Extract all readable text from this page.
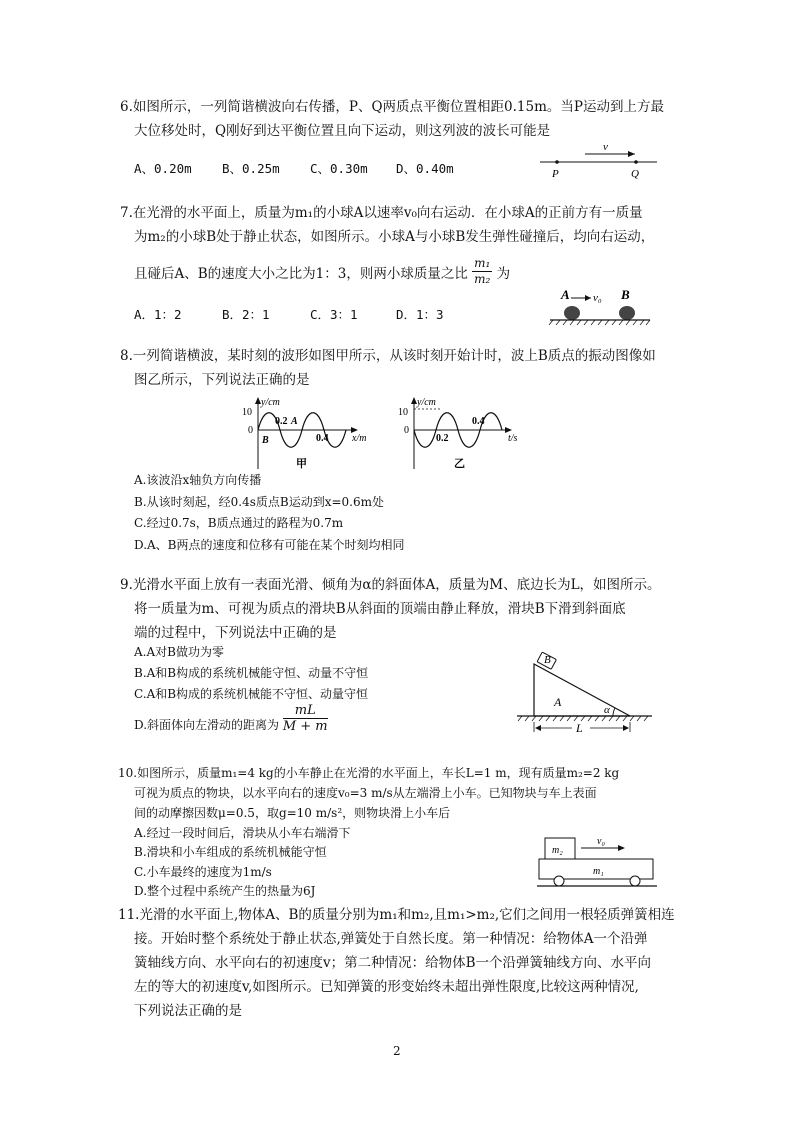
6.如图所示，一列简谐横波向右传播，P、Q两质点平衡位置相距0.15m。当P运动到上方最
大位移处时，Q刚好到达平衡位置且向下运动，则这列波的波长可能是
A、0.20m B、0.25m C、0.30m D、0.40m
v
P	Q
7.在光滑的水平面上，质量为m₁的小球A以速率v₀向右运动．在小球A的正前方有一质量
为m₂的小球B处于静止状态，如图所示。小球A与小球B发生弹性碰撞后，均向右运动，
且碰后A、B的速度大小之比为1：3，则两小球质量之比 $\frac{\text{m₁}}{\text{m₂}}$ 为
A．1：2	B．2：1	C．3：1	D．1：3
A v₀ B
8.一列简谐横波，某时刻的波形如图甲所示，从该时刻开始计时，波上B质点的振动图像如
图乙所示，下列说法正确的是
y/cm
10
0
0.2 A
B	0.4 x/m
甲
y/cm
10
0
0.2
0.4
t/s
乙
A.该波沿x轴负方向传播
B.从该时刻起，经0.4s质点B运动到x=0.6m处
C.经过0.7s，B质点通过的路程为0.7m
D.A、B两点的速度和位移有可能在某个时刻均相同
9.光滑水平面上放有一表面光滑、倾角为α的斜面体A，质量为M、底边长为L，如图所示。
将一质量为m、可视为质点的滑块B从斜面的顶端由静止释放，滑块B下滑到斜面底
端的过程中，下列说法中正确的是
A.A对B做功为零
B.A和B构成的系统机械能守恒、动量不守恒
C.A和B构成的系统机械能不守恒、动量守恒
D.斜面体向左滑动的距离为 $\frac{mL}{M + m}$
B
A
α
L
10.如图所示，质量m₁=4 kg的小车静止在光滑的水平面上，车长L=1 m，现有质量m₂=2 kg
可视为质点的物块，以水平向右的速度v₀=3 m/s从左端滑上小车。已知物块与车上表面
间的动摩擦因数μ=0.5，取g=10 m/s²，则物块滑上小车后
A.经过一段时间后，滑块从小车右端滑下
B.滑块和小车组成的系统机械能守恒
C.小车最终的速度为1m/s
D.整个过程中系统产生的热量为6J
m₂
v₀
m₁
11.光滑的水平面上,物体A、B的质量分别为m₁和m₂,且m₁>m₂,它们之间用一根轻质弹簧相连
接。开始时整个系统处于静止状态,弹簧处于自然长度。第一种情况：给物体A一个沿弹
簧轴线方向、水平向右的初速度v；第二种情况：给物体B一个沿弹簧轴线方向、水平向
左的等大的初速度v,如图所示。已知弹簧的形变始终未超出弹性限度,比较这两种情况,
下列说法正确的是
2
